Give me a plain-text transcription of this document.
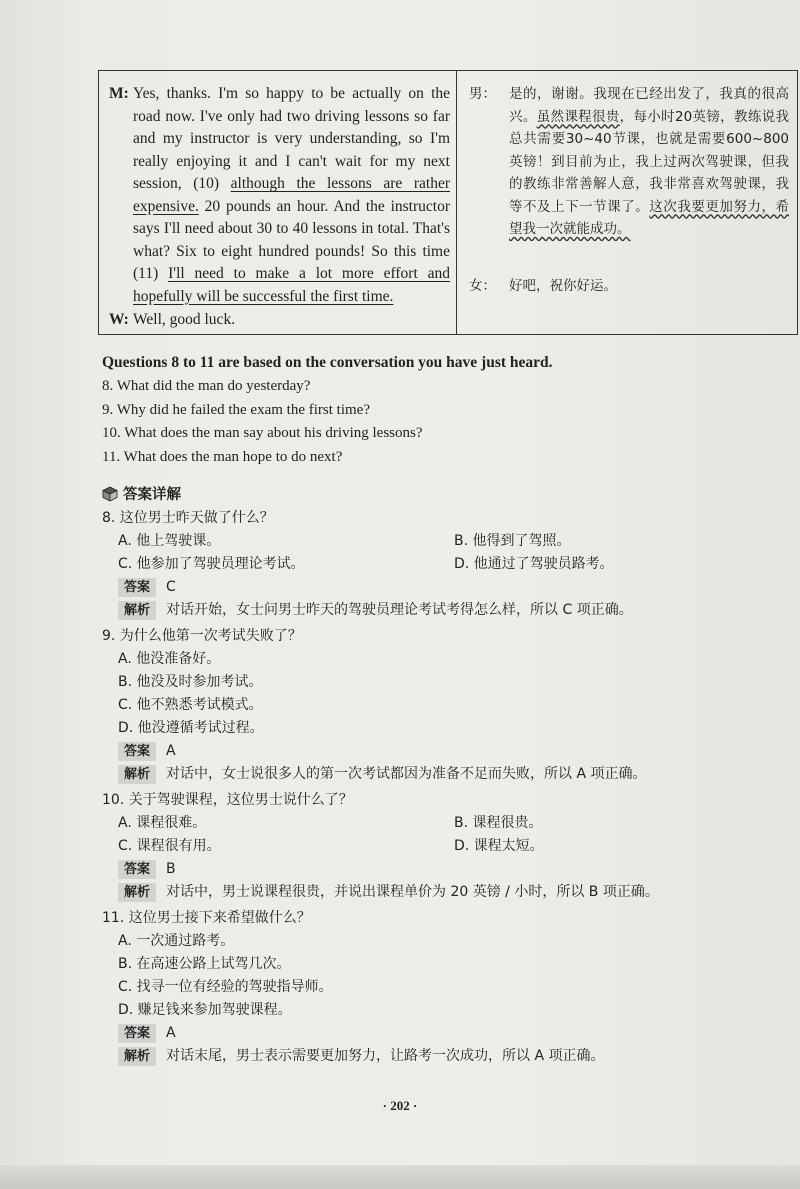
M: Yes, thanks. I'm so happy to be actually on the road now. I've only had two driving lessons so far and my instructor is very understanding, so I'm really enjoying it and I can't wait for my next session, (10) although the lessons are rather expensive. 20 pounds an hour. And the instructor says I'll need about 30 to 40 lessons in total. That's what? Six to eight hundred pounds! So this time (11) I'll need to make a lot more effort and hopefully will be successful the first time.
W: Well, good luck.
男： 是的，谢谢。我现在已经出发了，我真的很高兴。虽然课程很贵，每小时20英镑，教练说我总共需要30~40节课，也就是需要600~800英镑！到目前为止，我上过两次驾驶课，但我的教练非常善解人意，我非常喜欢驾驶课，我等不及上下一节课了。这次我要更加努力，希望我一次就能成功。
女： 好吧，祝你好运。
Questions 8 to 11 are based on the conversation you have just heard.
8. What did the man do yesterday?
9. Why did he failed the exam the first time?
10. What does the man say about his driving lessons?
11. What does the man hope to do next?
答案详解
8. 这位男士昨天做了什么？
A. 他上驾驶课。	B. 他得到了驾照。
C. 他参加了驾驶员理论考试。	D. 他通过了驾驶员路考。
答案	C
解析	对话开始，女士问男士昨天的驾驶员理论考试考得怎么样，所以 C 项正确。
9. 为什么他第一次考试失败了？
A. 他没准备好。
B. 他没及时参加考试。
C. 他不熟悉考试模式。
D. 他没遵循考试过程。
答案	A
解析	对话中，女士说很多人的第一次考试都因为准备不足而失败，所以 A 项正确。
10. 关于驾驶课程，这位男士说什么了？
A. 课程很难。	B. 课程很贵。
C. 课程很有用。	D. 课程太短。
答案	B
解析	对话中，男士说课程很贵，并说出课程单价为 20 英镑 / 小时，所以 B 项正确。
11. 这位男士接下来希望做什么？
A. 一次通过路考。
B. 在高速公路上试驾几次。
C. 找寻一位有经验的驾驶指导师。
D. 赚足钱来参加驾驶课程。
答案	A
解析	对话末尾，男士表示需要更加努力，让路考一次成功，所以 A 项正确。
· 202 ·
